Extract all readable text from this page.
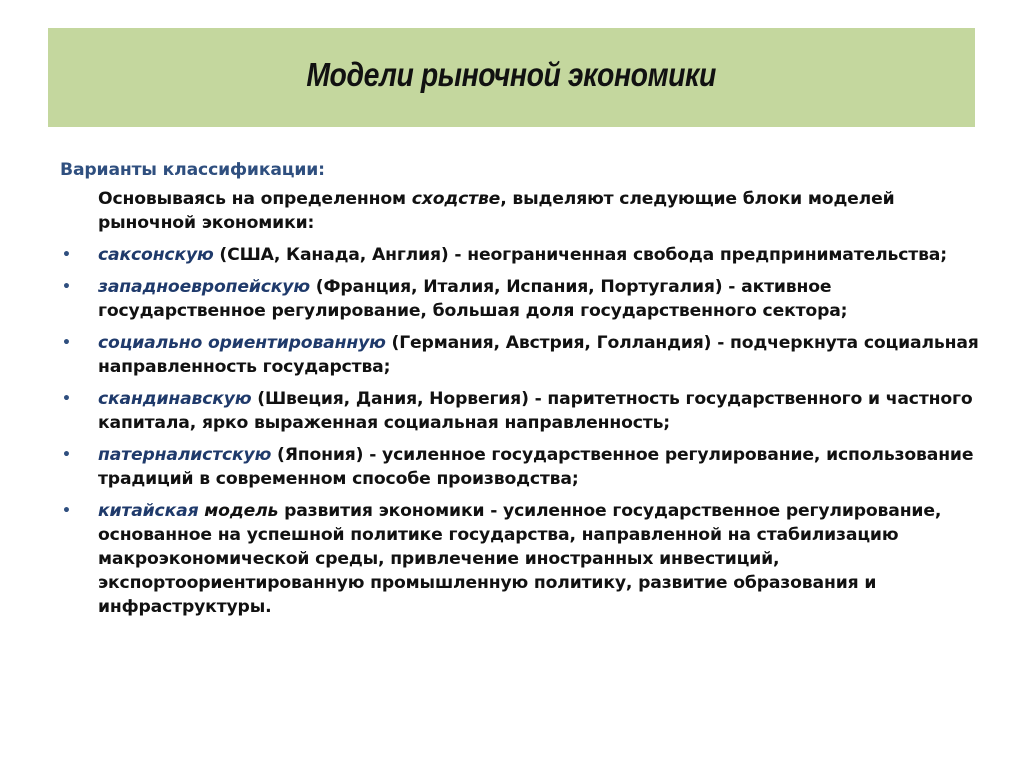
Модели рыночной экономики
Варианты классификации:
Основываясь на определенном сходстве, выделяют следующие блоки моделей рыночной экономики:
• саксонскую (США, Канада, Англия) - неограниченная свобода предпринимательства;
• западноевропейскую (Франция, Италия, Испания, Португалия) - активное государственное регулирование, большая доля государственного сектора;
• социально ориентированную (Германия, Австрия, Голландия) - подчеркнута социальная направленность государства;
• скандинавскую (Швеция, Дания, Норвегия) - паритетность государственного и частного капитала, ярко выраженная социальная направленность;
• патерналистскую (Япония) - усиленное государственное регулирование, использование традиций в современном способе производства;
• китайская модель развития экономики - усиленное государственное регулирование, основанное на успешной политике государства, направленной на стабилизацию макроэкономической среды, привлечение иностранных инвестиций, экспортоориентированную промышленную политику, развитие образования и инфраструктуры.
